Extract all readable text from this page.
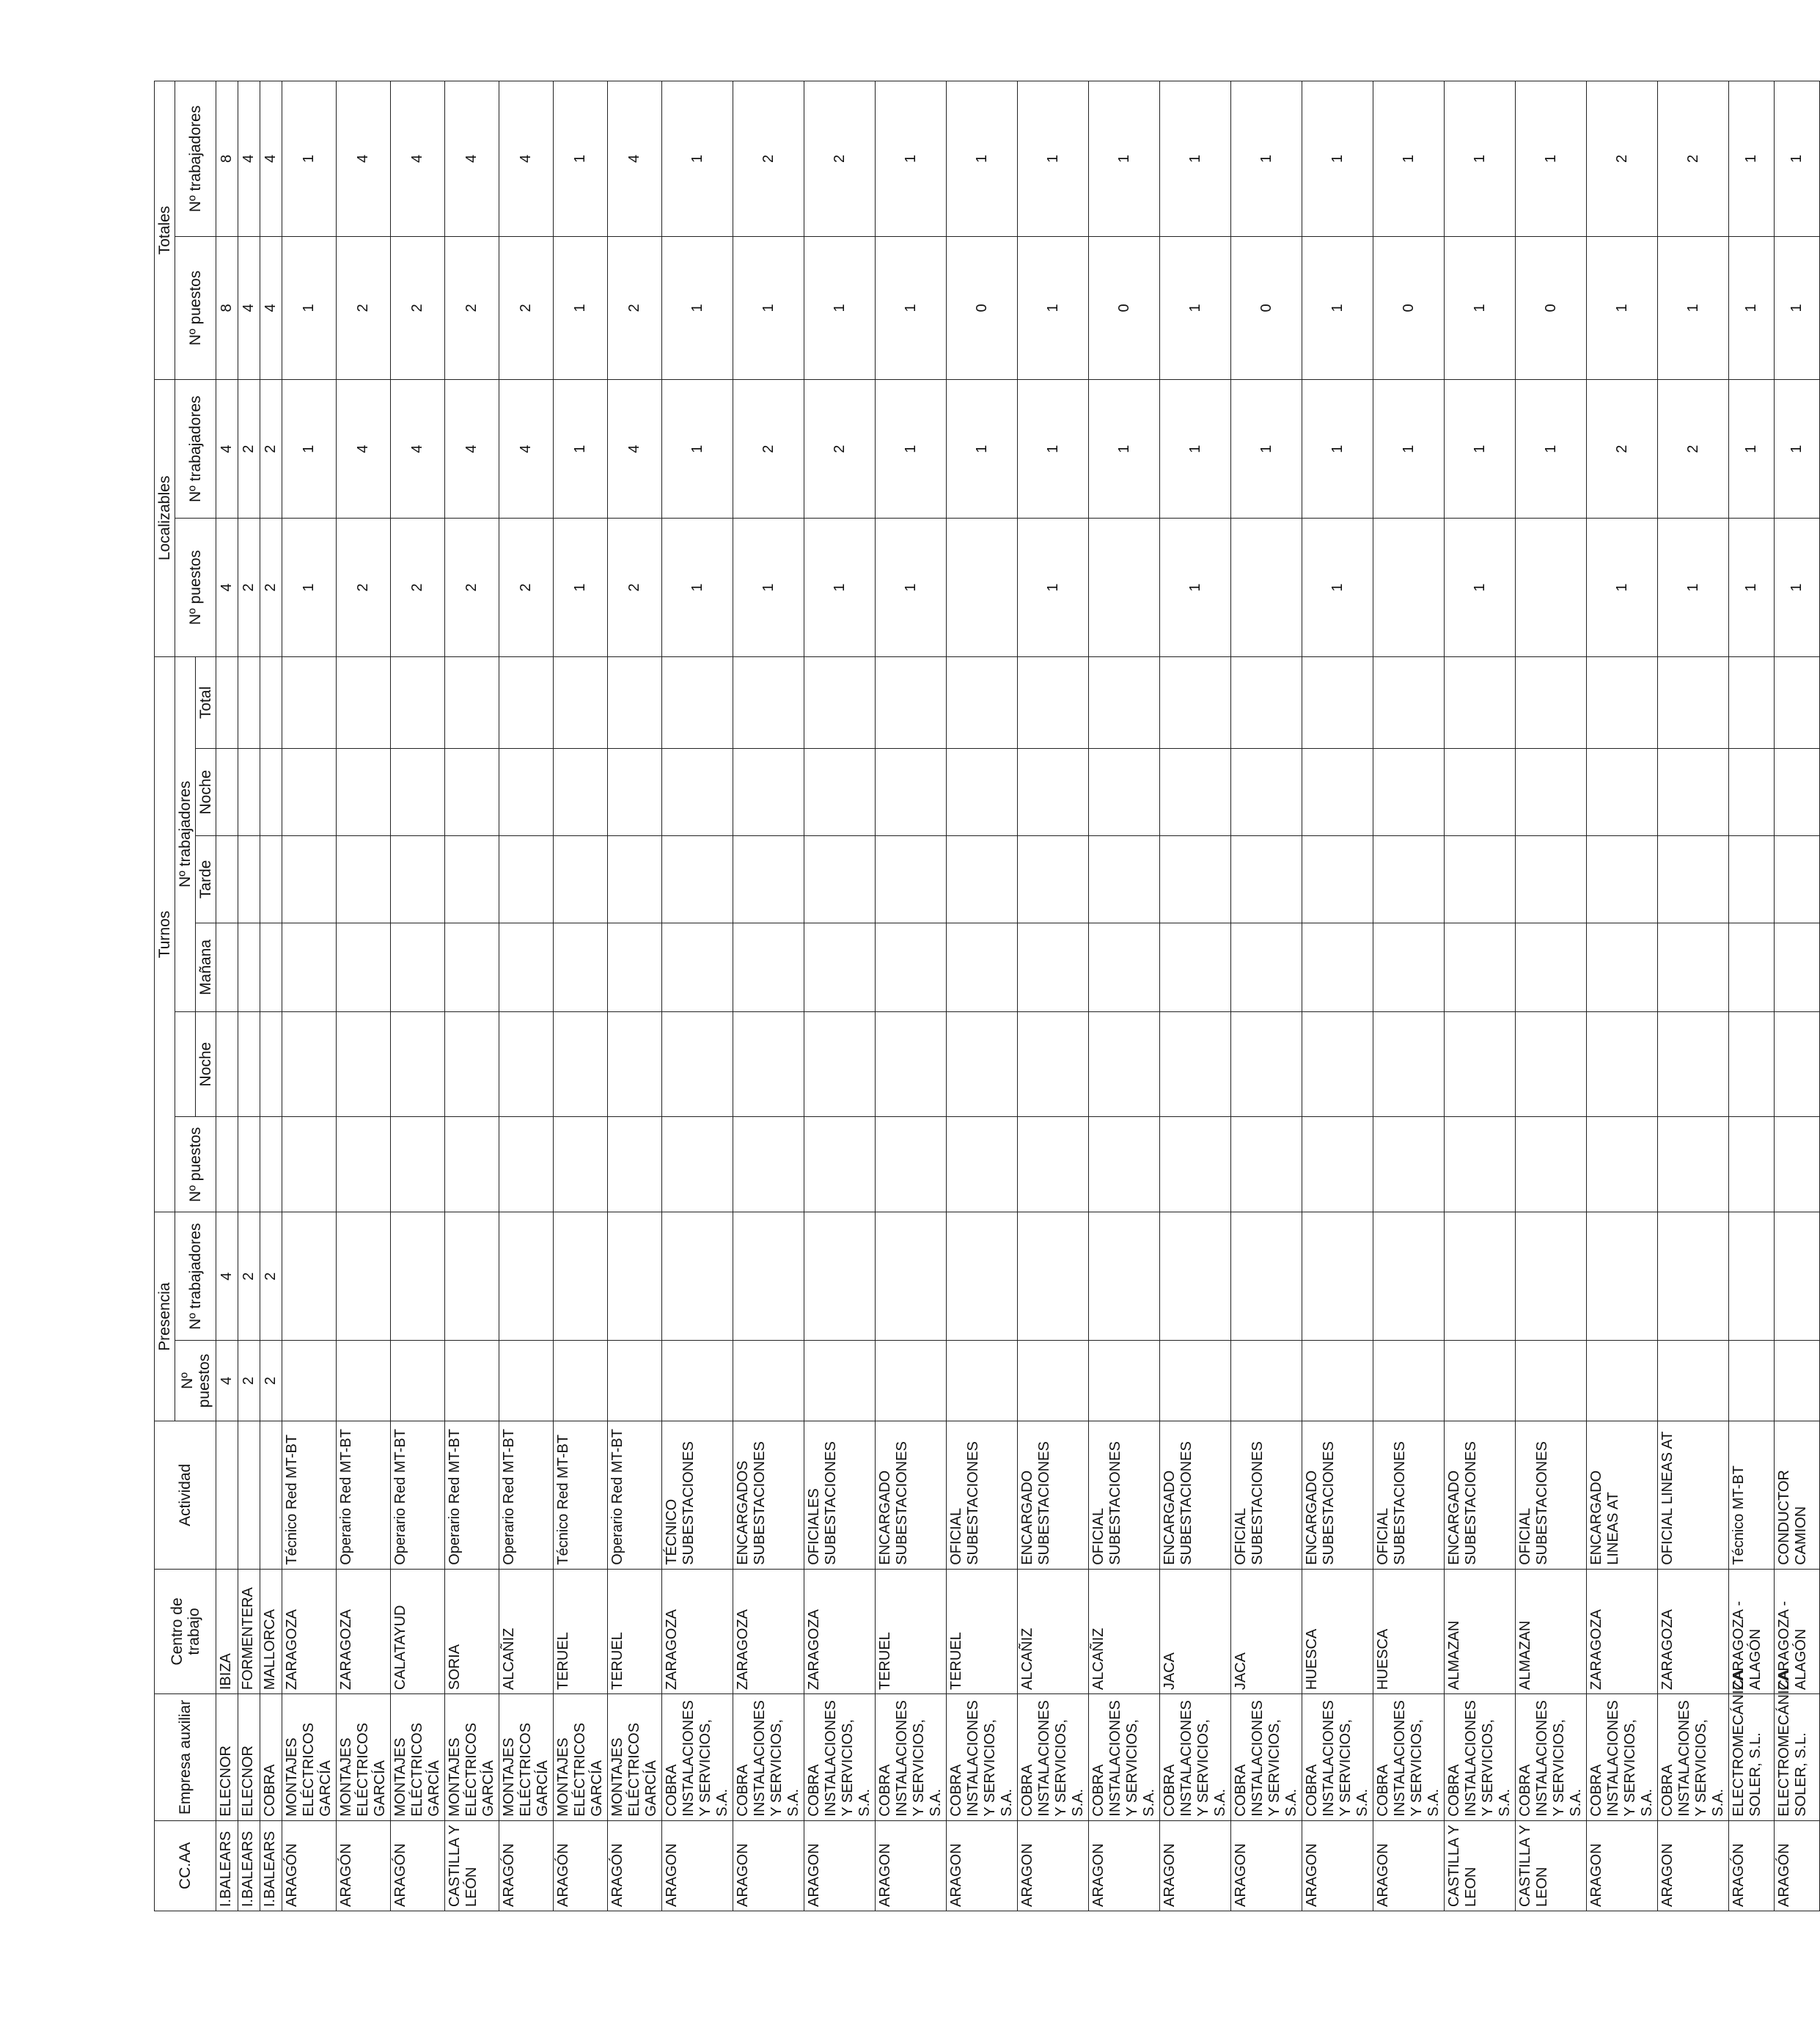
CC.AA	Empresa auxiliar	Centro de trabajo	Actividad	Presencia		Turnos						Localizables		Totales	
				Nº puestos	Nº trabajadores	Nº puestos		Nº trabajadores				Nº puestos	Nº trabajadores	Nº puestos	Nº trabajadores
							Noche	Mañana	Tarde	Noche	Total				
I.BALEARS	ELECNOR	IBIZA		4	4							4	4	8	8
I.BALEARS	ELECNOR	FORMENTERA		2	2							2	2	4	4
I.BALEARS	COBRA	MALLORCA		2	2							2	2	4	4
ARAGÓN	MONTAJES ELÉCTRICOS GARCÍA	ZARAGOZA	Técnico Red MT-BT									1	1	1	1
ARAGÓN	MONTAJES ELÉCTRICOS GARCÍA	ZARAGOZA	Operario Red MT-BT									2	4	2	4
ARAGÓN	MONTAJES ELÉCTRICOS GARCÍA	CALATAYUD	Operario Red MT-BT									2	4	2	4
CASTILLA Y LEÓN	MONTAJES ELÉCTRICOS GARCÍA	SORIA	Operario Red MT-BT									2	4	2	4
ARAGÓN	MONTAJES ELÉCTRICOS GARCÍA	ALCAÑIZ	Operario Red MT-BT									2	4	2	4
ARAGÓN	MONTAJES ELÉCTRICOS GARCÍA	TERUEL	Técnico Red MT-BT									1	1	1	1
ARAGÓN	MONTAJES ELÉCTRICOS GARCÍA	TERUEL	Operario Red MT-BT									2	4	2	4
ARAGON	COBRA INSTALACIONES Y SERVICIOS, S.A.	ZARAGOZA	TÉCNICO SUBESTACIONES									1	1	1	1
ARAGON	COBRA INSTALACIONES Y SERVICIOS, S.A.	ZARAGOZA	ENCARGADOS SUBESTACIONES									1	2	1	2
ARAGON	COBRA INSTALACIONES Y SERVICIOS, S.A.	ZARAGOZA	OFICIALES SUBESTACIONES									1	2	1	2
ARAGON	COBRA INSTALACIONES Y SERVICIOS, S.A.	TERUEL	ENCARGADO SUBESTACIONES									1	1	1	1
ARAGON	COBRA INSTALACIONES Y SERVICIOS, S.A.	TERUEL	OFICIAL SUBESTACIONES										1	0	1
ARAGON	COBRA INSTALACIONES Y SERVICIOS, S.A.	ALCAÑIZ	ENCARGADO SUBESTACIONES									1	1	1	1
ARAGON	COBRA INSTALACIONES Y SERVICIOS, S.A.	ALCAÑIZ	OFICIAL SUBESTACIONES										1	0	1
ARAGON	COBRA INSTALACIONES Y SERVICIOS, S.A.	JACA	ENCARGADO SUBESTACIONES									1	1	1	1
ARAGON	COBRA INSTALACIONES Y SERVICIOS, S.A.	JACA	OFICIAL SUBESTACIONES										1	0	1
ARAGON	COBRA INSTALACIONES Y SERVICIOS, S.A.	HUESCA	ENCARGADO SUBESTACIONES									1	1	1	1
ARAGON	COBRA INSTALACIONES Y SERVICIOS, S.A.	HUESCA	OFICIAL SUBESTACIONES										1	0	1
CASTILLA Y LEON	COBRA INSTALACIONES Y SERVICIOS, S.A.	ALMAZAN	ENCARGADO SUBESTACIONES									1	1	1	1
CASTILLA Y LEON	COBRA INSTALACIONES Y SERVICIOS, S.A.	ALMAZAN	OFICIAL SUBESTACIONES										1	0	1
ARAGON	COBRA INSTALACIONES Y SERVICIOS, S.A.	ZARAGOZA	ENCARGADO LINEAS AT									1	2	1	2
ARAGON	COBRA INSTALACIONES Y SERVICIOS, S.A.	ZARAGOZA	OFICIAL LINEAS AT									1	2	1	2
ARAGÓN	ELECTROMECÁNICA SOLER, S.L.	ZARAGOZA - ALAGÓN	Técnico MT-BT									1	1	1	1
ARAGÓN	ELECTROMECÁNICA SOLER, S.L.	ZARAGOZA - ALAGÓN	CONDUCTOR CAMION									1	1	1	1
